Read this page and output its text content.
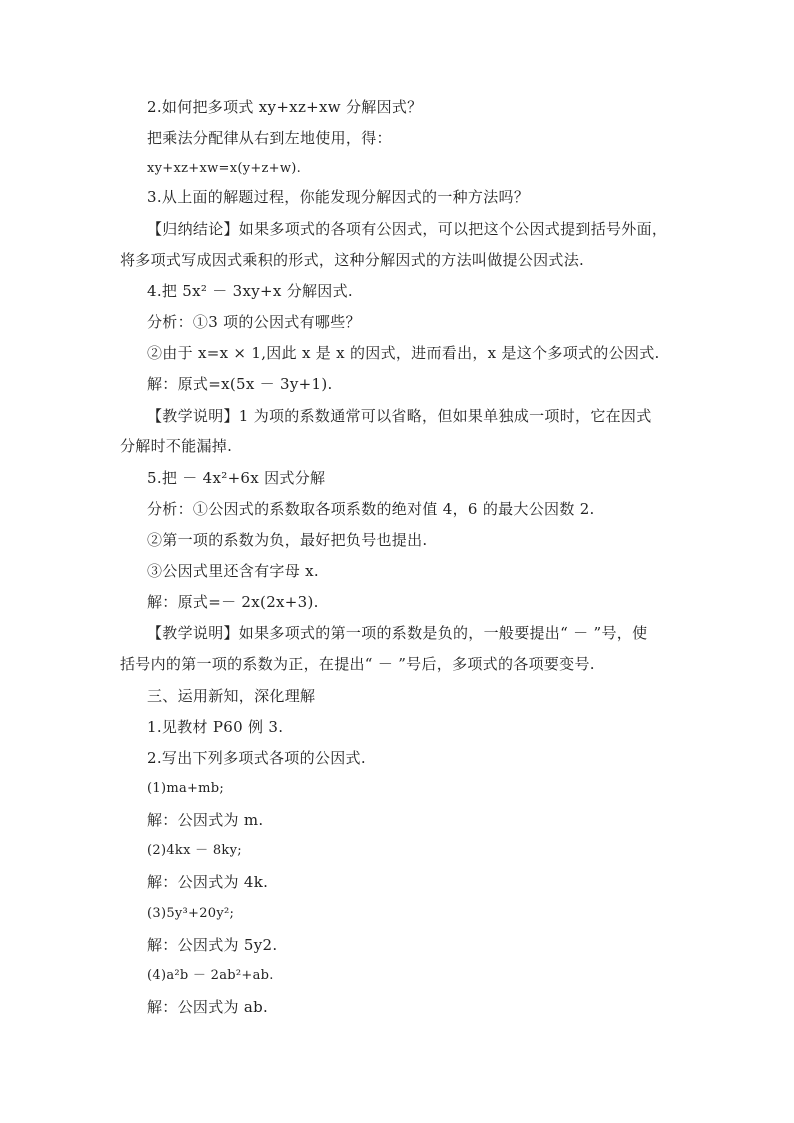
2.如何把多项式 xy+xz+xw 分解因式？
把乘法分配律从右到左地使用，得：
xy+xz+xw=x(y+z+w).
3.从上面的解题过程，你能发现分解因式的一种方法吗？
【归纳结论】如果多项式的各项有公因式，可以把这个公因式提到括号外面，
将多项式写成因式乘积的形式，这种分解因式的方法叫做提公因式法.
4.把 5x² － 3xy+x 分解因式.
分析：①3 项的公因式有哪些？
②由于 x=x × 1,因此 x 是 x 的因式，进而看出，x 是这个多项式的公因式.
解：原式=x(5x － 3y+1).
【教学说明】1 为项的系数通常可以省略，但如果单独成一项时，它在因式
分解时不能漏掉.
5.把 － 4x²+6x 因式分解
分析：①公因式的系数取各项系数的绝对值 4，6 的最大公因数 2.
②第一项的系数为负，最好把负号也提出.
③公因式里还含有字母 x.
解：原式=－ 2x(2x+3).
【教学说明】如果多项式的第一项的系数是负的，一般要提出“ － ”号，使
括号内的第一项的系数为正，在提出“ － ”号后，多项式的各项要变号.
三、运用新知，深化理解
1.见教材 P60 例 3.
2.写出下列多项式各项的公因式.
(1)ma+mb;
解：公因式为 m.
(2)4kx － 8ky;
解：公因式为 4k.
(3)5y³+20y²;
解：公因式为 5y2.
(4)a²b － 2ab²+ab.
解：公因式为 ab.
